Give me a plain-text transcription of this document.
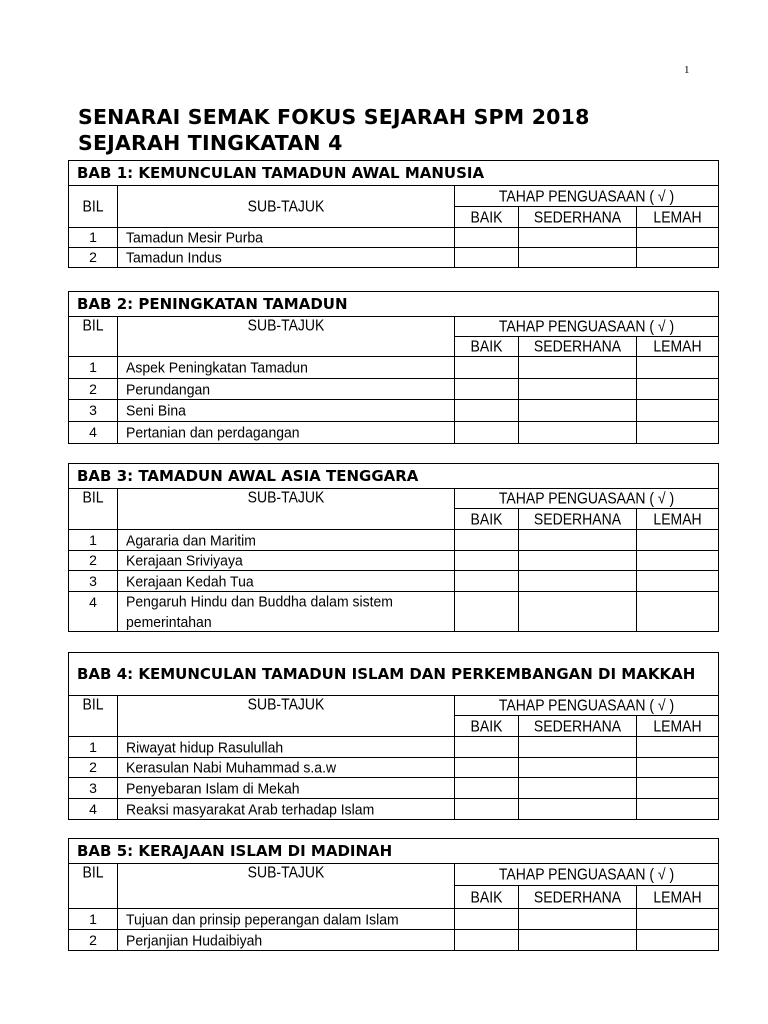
1
SENARAI SEMAK FOKUS SEJARAH SPM 2018
SEJARAH TINGKATAN 4
BAB 1: KEMUNCULAN TAMADUN AWAL MANUSIA				
BIL	SUB-TAJUK	TAHAP PENGUASAAN ( √ )		
		BAIK	SEDERHANA	LEMAH
1	Tamadun Mesir Purba			
2	Tamadun Indus			
BAB 2: PENINGKATAN TAMADUN				
BIL	SUB-TAJUK	TAHAP PENGUASAAN ( √ )		
		BAIK	SEDERHANA	LEMAH
1	Aspek Peningkatan Tamadun			
2	Perundangan			
3	Seni Bina			
4	Pertanian dan perdagangan			
BAB 3: TAMADUN AWAL ASIA TENGGARA				
BIL	SUB-TAJUK	TAHAP PENGUASAAN ( √ )		
		BAIK	SEDERHANA	LEMAH
1	Agararia dan Maritim			
2	Kerajaan Sriviyaya			
3	Kerajaan Kedah Tua			
4	Pengaruh Hindu dan Buddha dalam sistem pemerintahan			
BAB 4: KEMUNCULAN TAMADUN ISLAM DAN PERKEMBANGAN DI MAKKAH				
BIL	SUB-TAJUK	TAHAP PENGUASAAN ( √ )		
		BAIK	SEDERHANA	LEMAH
1	Riwayat hidup Rasulullah			
2	Kerasulan Nabi Muhammad s.a.w			
3	Penyebaran Islam di Mekah			
4	Reaksi masyarakat Arab terhadap Islam			
BAB 5: KERAJAAN ISLAM DI MADINAH				
BIL	SUB-TAJUK	TAHAP PENGUASAAN ( √ )		
		BAIK	SEDERHANA	LEMAH
1	Tujuan dan prinsip peperangan dalam Islam			
2	Perjanjian Hudaibiyah			
